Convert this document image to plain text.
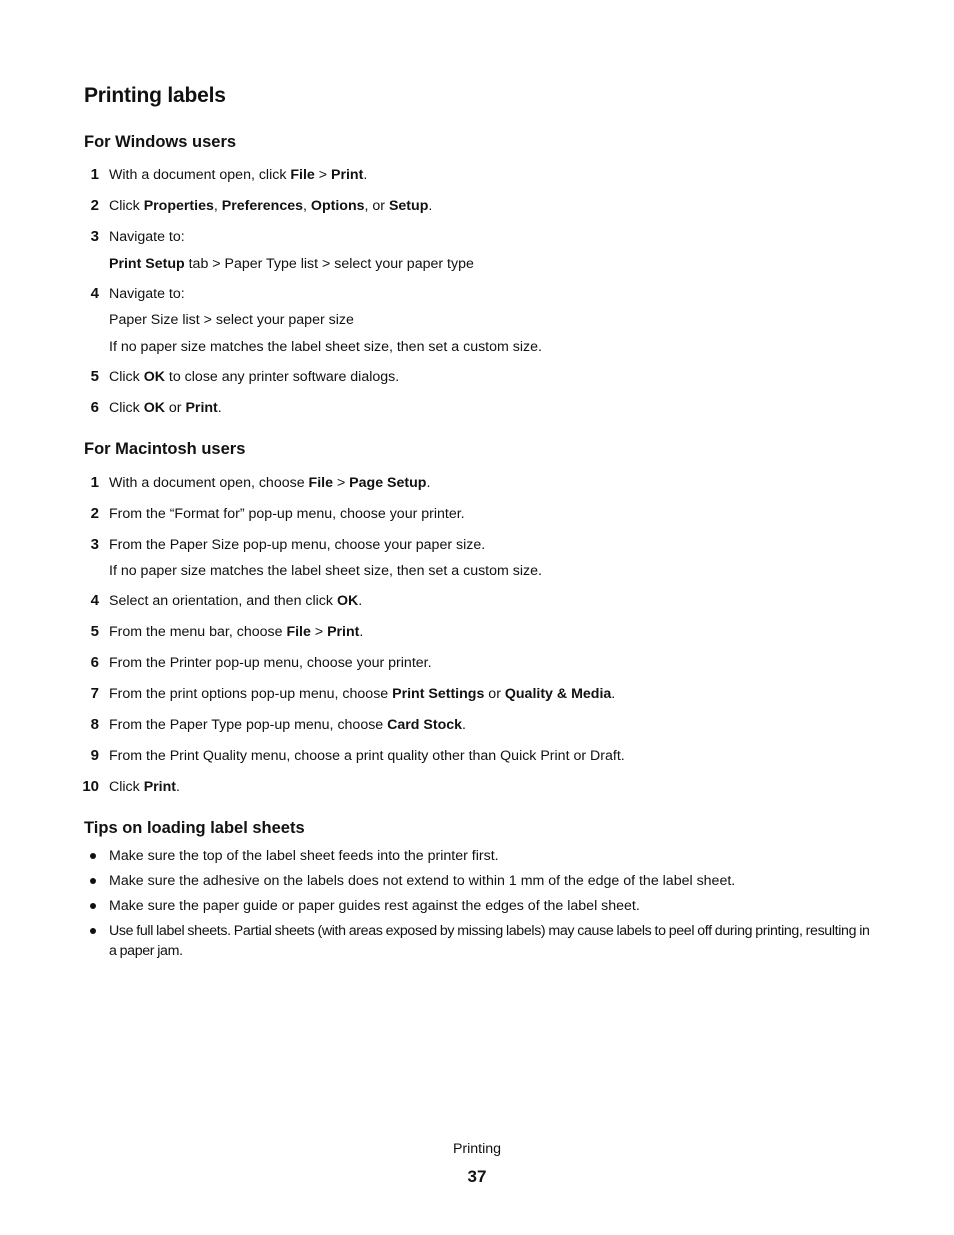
Printing labels
For Windows users
1 With a document open, click File > Print.
2 Click Properties, Preferences, Options, or Setup.
3 Navigate to:
Print Setup tab > Paper Type list > select your paper type
4 Navigate to:
Paper Size list > select your paper size
If no paper size matches the label sheet size, then set a custom size.
5 Click OK to close any printer software dialogs.
6 Click OK or Print.
For Macintosh users
1 With a document open, choose File > Page Setup.
2 From the “Format for” pop-up menu, choose your printer.
3 From the Paper Size pop-up menu, choose your paper size.
If no paper size matches the label sheet size, then set a custom size.
4 Select an orientation, and then click OK.
5 From the menu bar, choose File > Print.
6 From the Printer pop-up menu, choose your printer.
7 From the print options pop-up menu, choose Print Settings or Quality & Media.
8 From the Paper Type pop-up menu, choose Card Stock.
9 From the Print Quality menu, choose a print quality other than Quick Print or Draft.
10 Click Print.
Tips on loading label sheets
Make sure the top of the label sheet feeds into the printer first.
Make sure the adhesive on the labels does not extend to within 1 mm of the edge of the label sheet.
Make sure the paper guide or paper guides rest against the edges of the label sheet.
Use full label sheets. Partial sheets (with areas exposed by missing labels) may cause labels to peel off during printing, resulting in a paper jam.
Printing
37
